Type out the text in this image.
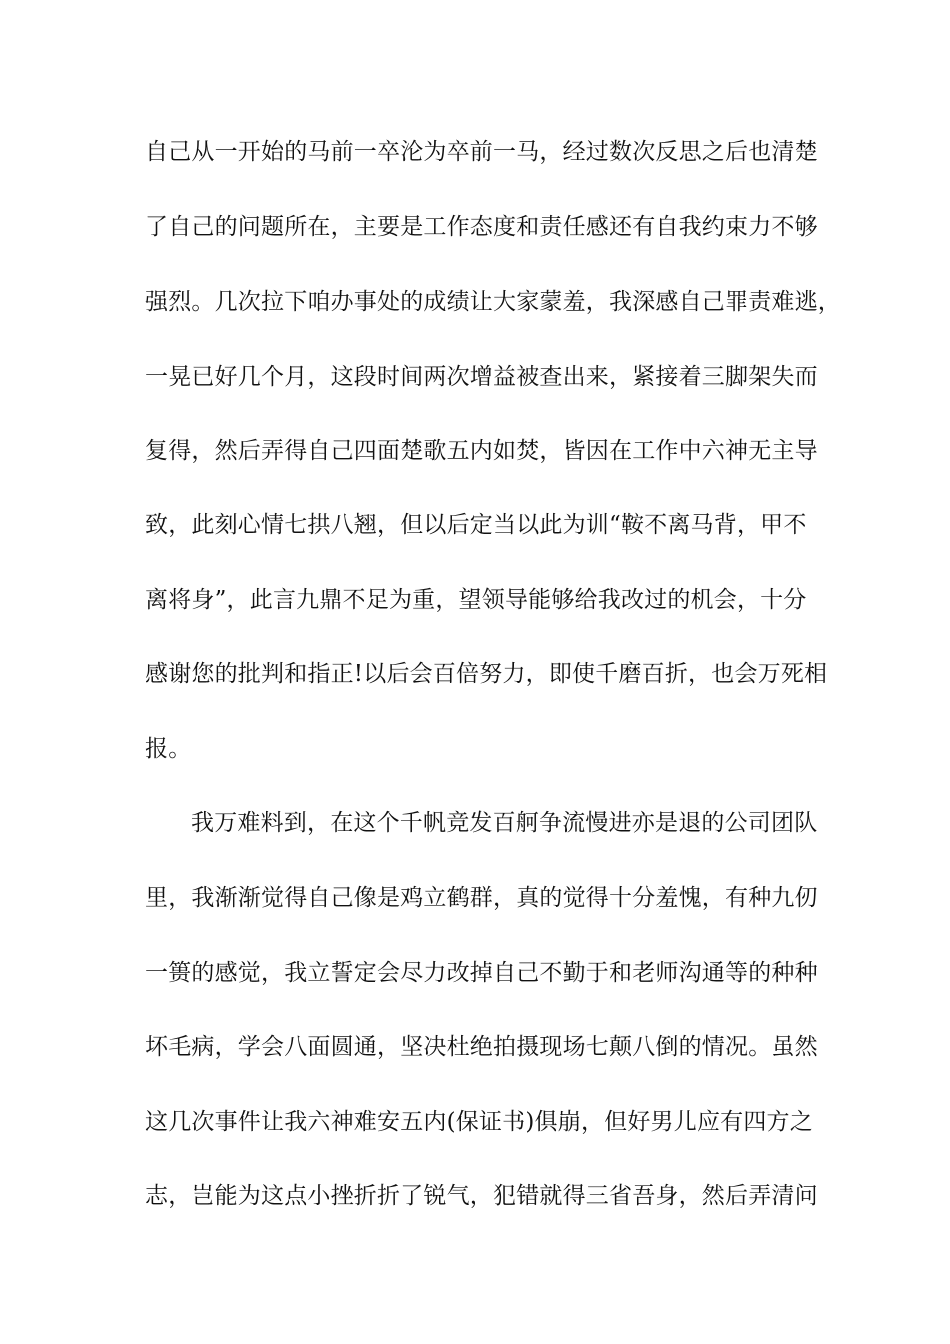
自己从一开始的马前一卒沦为卒前一马，经过数次反思之后也清楚
了自己的问题所在，主要是工作态度和责任感还有自我约束力不够
强烈。几次拉下咱办事处的成绩让大家蒙羞，我深感自己罪责难逃，
一晃已好几个月，这段时间两次增益被查出来，紧接着三脚架失而
复得，然后弄得自己四面楚歌五内如焚，皆因在工作中六神无主导
致，此刻心情七拱八翘，但以后定当以此为训“鞍不离马背，甲不
离将身”，此言九鼎不足为重，望领导能够给我改过的机会，十分
感谢您的批判和指正!以后会百倍努力，即使千磨百折，也会万死相
报。
我万难料到，在这个千帆竞发百舸争流慢进亦是退的公司团队
里，我渐渐觉得自己像是鸡立鹤群，真的觉得十分羞愧，有种九仞
一篑的感觉，我立誓定会尽力改掉自己不勤于和老师沟通等的种种
坏毛病，学会八面圆通，坚决杜绝拍摄现场七颠八倒的情况。虽然
这几次事件让我六神难安五内(保证书)俱崩，但好男儿应有四方之
志，岂能为这点小挫折折了锐气，犯错就得三省吾身，然后弄清问
